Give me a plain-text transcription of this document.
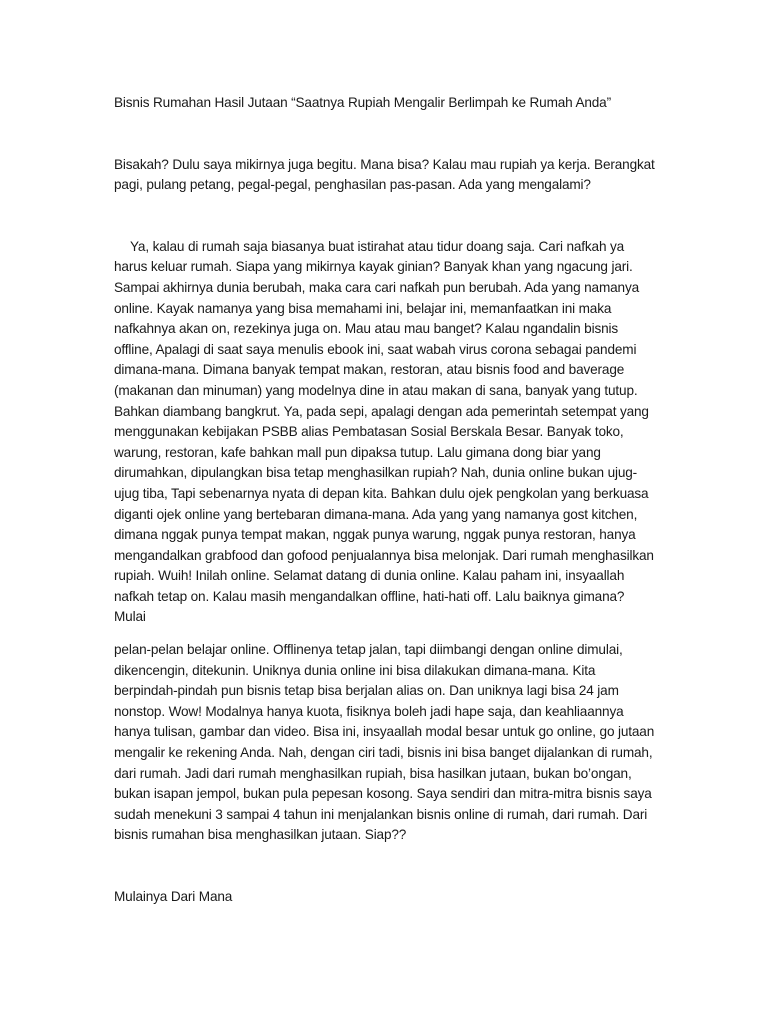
Bisnis Rumahan Hasil Jutaan “Saatnya Rupiah Mengalir Berlimpah ke Rumah Anda”

Bisakah? Dulu saya mikirnya juga begitu. Mana bisa? Kalau mau rupiah ya kerja. Berangkat pagi, pulang petang, pegal-pegal, penghasilan pas-pasan. Ada yang mengalami?

Ya, kalau di rumah saja biasanya buat istirahat atau tidur doang saja. Cari nafkah ya harus keluar rumah. Siapa yang mikirnya kayak ginian? Banyak khan yang ngacung jari. Sampai akhirnya dunia berubah, maka cara cari nafkah pun berubah. Ada yang namanya online. Kayak namanya yang bisa memahami ini, belajar ini, memanfaatkan ini maka nafkahnya akan on, rezekinya juga on. Mau atau mau banget? Kalau ngandalin bisnis offline, Apalagi di saat saya menulis ebook ini, saat wabah virus corona sebagai pandemi dimana-mana. Dimana banyak tempat makan, restoran, atau bisnis food and baverage (makanan dan minuman) yang modelnya dine in atau makan di sana, banyak yang tutup. Bahkan diambang bangkrut. Ya, pada sepi, apalagi dengan ada pemerintah setempat yang menggunakan kebijakan PSBB alias Pembatasan Sosial Berskala Besar. Banyak toko, warung, restoran, kafe bahkan mall pun dipaksa tutup. Lalu gimana dong biar yang dirumahkan, dipulangkan bisa tetap menghasilkan rupiah? Nah, dunia online bukan ujug-ujug tiba, Tapi sebenarnya nyata di depan kita. Bahkan dulu ojek pengkolan yang berkuasa diganti ojek online yang bertebaran dimana-mana. Ada yang yang namanya gost kitchen, dimana nggak punya tempat makan, nggak punya warung, nggak punya restoran, hanya mengandalkan grabfood dan gofood penjualannya bisa melonjak. Dari rumah menghasilkan rupiah. Wuih! Inilah online. Selamat datang di dunia online. Kalau paham ini, insyaallah nafkah tetap on. Kalau masih mengandalkan offline, hati-hati off. Lalu baiknya gimana? Mulai

pelan-pelan belajar online. Offlinenya tetap jalan, tapi diimbangi dengan online dimulai, dikencengin, ditekunin. Uniknya dunia online ini bisa dilakukan dimana-mana. Kita berpindah-pindah pun bisnis tetap bisa berjalan alias on. Dan uniknya lagi bisa 24 jam nonstop. Wow! Modalnya hanya kuota, fisiknya boleh jadi hape saja, dan keahliaannya hanya tulisan, gambar dan video. Bisa ini, insyaallah modal besar untuk go online, go jutaan mengalir ke rekening Anda. Nah, dengan ciri tadi, bisnis ini bisa banget dijalankan di rumah, dari rumah. Jadi dari rumah menghasilkan rupiah, bisa hasilkan jutaan, bukan bo’ongan, bukan isapan jempol, bukan pula pepesan kosong. Saya sendiri dan mitra-mitra bisnis saya sudah menekuni 3 sampai 4 tahun ini menjalankan bisnis online di rumah, dari rumah. Dari bisnis rumahan bisa menghasilkan jutaan. Siap??

Mulainya Dari Mana
